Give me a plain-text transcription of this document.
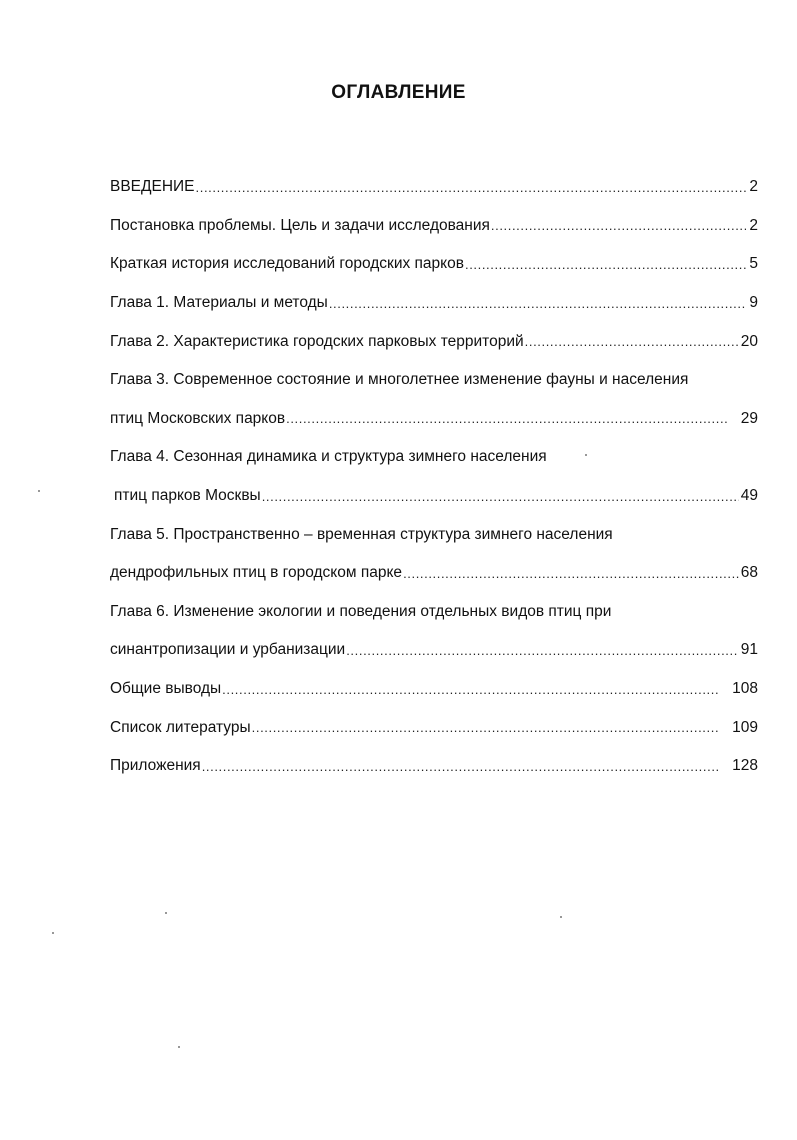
ОГЛАВЛЕНИЕ
ВВЕДЕНИЕ .....	2
Постановка проблемы. Цель и задачи исследования .....	2
Краткая история исследований городских парков .....	5
Глава 1. Материалы и методы .....	9
Глава 2. Характеристика городских парковых территорий .....	20
Глава 3. Современное состояние и многолетнее изменение фауны и населения
птиц Московских парков .....	29
Глава 4. Сезонная динамика и структура зимнего населения
птиц парков Москвы .....	49
Глава 5. Пространственно – временная структура зимнего населения
дендрофильных птиц в городском парке .....	68
Глава 6. Изменение экологии и поведения отдельных видов птиц при
синантропизации и урбанизации .....	91
Общие выводы .....	108
Список литературы .....	109
Приложения .....	128
